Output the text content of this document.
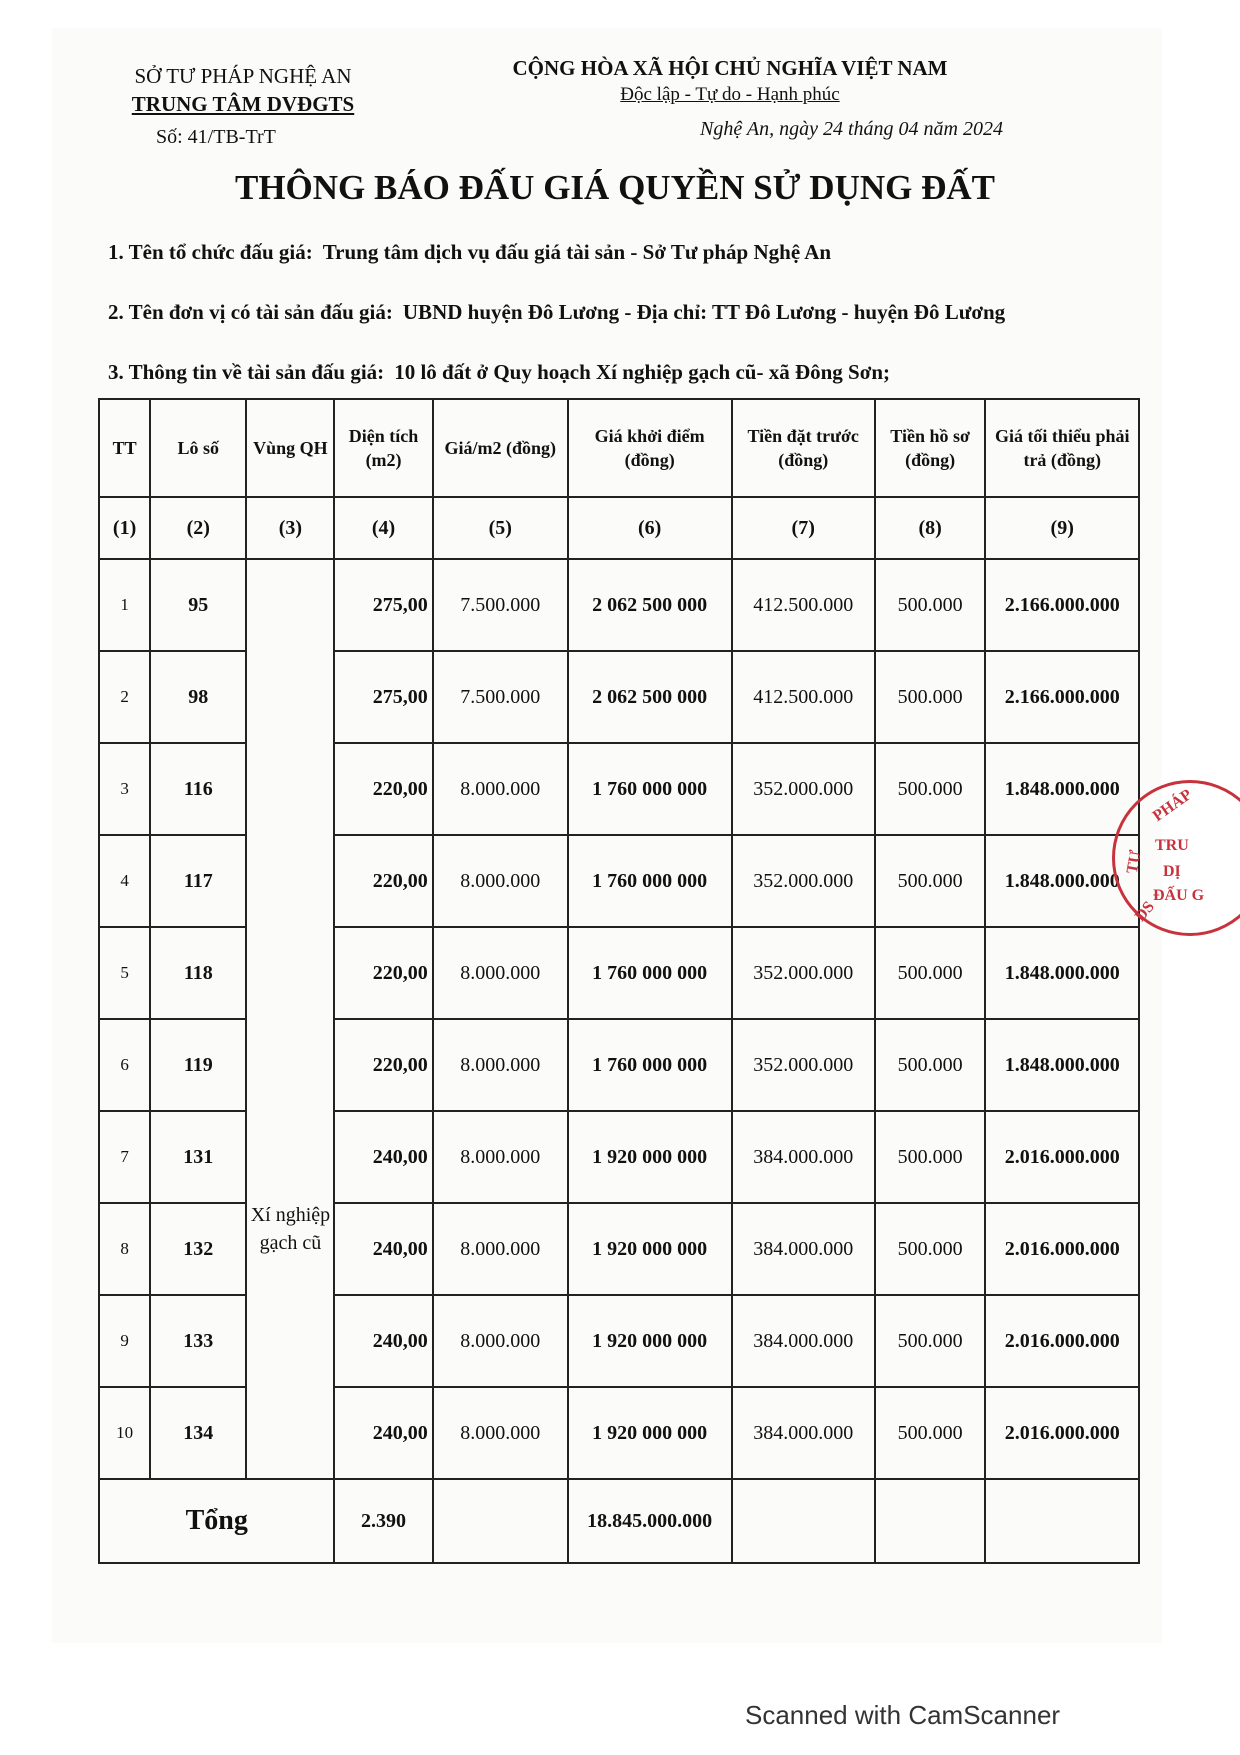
SỞ TƯ PHÁP NGHỆ AN
TRUNG TÂM DVĐGTS
Số: 41/TB-TrT
CỘNG HÒA XÃ HỘI CHỦ NGHĨA VIỆT NAM
Độc lập - Tự do - Hạnh phúc
Nghệ An, ngày 24 tháng 04 năm 2024
THÔNG BÁO ĐẤU GIÁ QUYỀN SỬ DỤNG ĐẤT
1. Tên tổ chức đấu giá: Trung tâm dịch vụ đấu giá tài sản - Sở Tư pháp Nghệ An
2. Tên đơn vị có tài sản đấu giá: UBND huyện Đô Lương - Địa chỉ: TT Đô Lương - huyện Đô Lương
3. Thông tin về tài sản đấu giá: 10 lô đất ở Quy hoạch Xí nghiệp gạch cũ- xã Đông Sơn;
TT	Lô số	Vùng QH	Diện tích (m2)	Giá/m2 (đồng)	Giá khởi điểm (đồng)	Tiền đặt trước (đồng)	Tiền hồ sơ (đồng)	Giá tối thiểu phải trả (đồng)
(1)	(2)	(3)	(4)	(5)	(6)	(7)	(8)	(9)
1	95	Xí nghiệp gạch cũ	275,00	7.500.000	2 062 500 000	412.500.000	500.000	2.166.000.000
2	98		275,00	7.500.000	2 062 500 000	412.500.000	500.000	2.166.000.000
3	116		220,00	8.000.000	1 760 000 000	352.000.000	500.000	1.848.000.000
4	117		220,00	8.000.000	1 760 000 000	352.000.000	500.000	1.848.000.000
5	118		220,00	8.000.000	1 760 000 000	352.000.000	500.000	1.848.000.000
6	119		220,00	8.000.000	1 760 000 000	352.000.000	500.000	1.848.000.000
7	131		240,00	8.000.000	1 920 000 000	384.000.000	500.000	2.016.000.000
8	132		240,00	8.000.000	1 920 000 000	384.000.000	500.000	2.016.000.000
9	133		240,00	8.000.000	1 920 000 000	384.000.000	500.000	2.016.000.000
10	134		240,00	8.000.000	1 920 000 000	384.000.000	500.000	2.016.000.000
Tổng			2.390		18.845.000.000			
PHÁP
TRU
DỊ
ĐẤU G
TƯ
DS
Scanned with CamScanner
